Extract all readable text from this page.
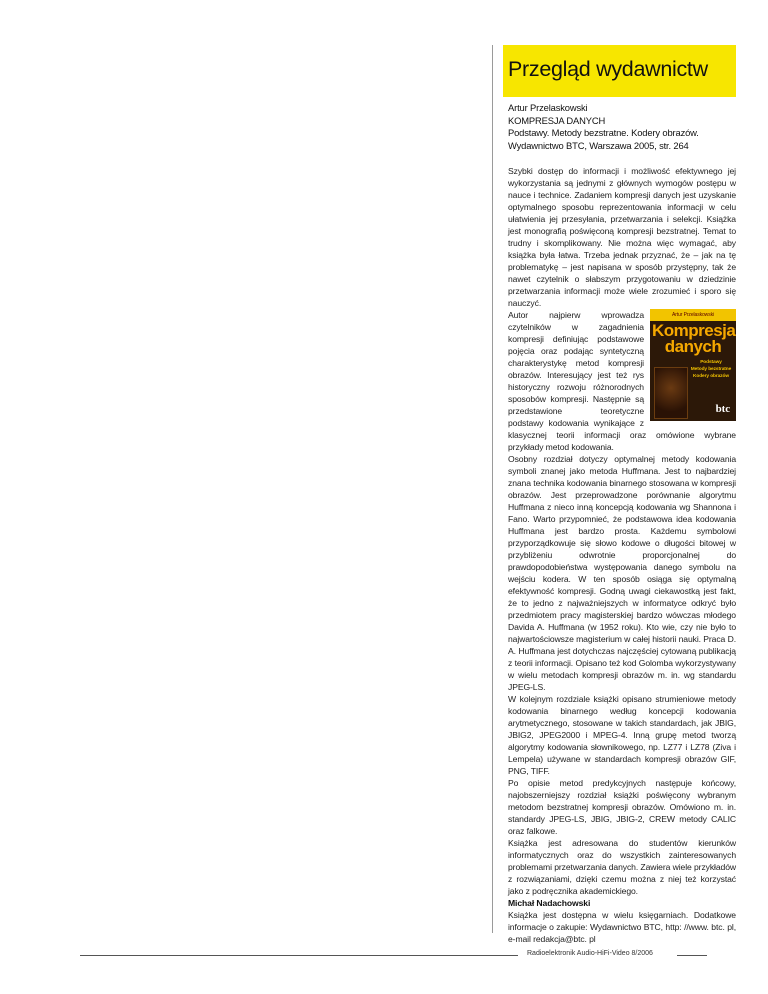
Przegląd wydawnictw
Artur Przelaskowski
KOMPRESJA DANYCH
Podstawy. Metody bezstratne. Kodery obrazów.
Wydawnictwo BTC, Warszawa 2005, str. 264

Szybki dostęp do informacji i możliwość efektywnego jej wykorzystania są jednymi z głównych wymogów postępu w nauce i technice. Zadaniem kompresji danych jest uzyskanie optymalnego sposobu reprezentowania informacji w celu ułatwienia jej przesyłania, przetwarzania i selekcji. Książka jest monografią poświęconą kompresji bezstratnej. Temat to trudny i skomplikowany. Nie można więc wymagać, aby książka była łatwa. Trzeba jednak przyznać, że – jak na tę problematykę – jest napisana w sposób przystępny, tak że nawet czytelnik o słabszym przygotowaniu w dziedzinie przetwarzania informacji może wiele zrozumieć i sporo się nauczyć.

Artur Przelaskowski
Kompresja
danych
Podstawy
Metody bezstratne
Kodery obrazów
btc

Autor najpierw wprowadza czytelników w zagadnienia kompresji definiując podstawowe pojęcia oraz podając syntetyczną charakterystykę metod kompresji obrazów. Interesujący jest też rys historyczny rozwoju różnorodnych sposobów kompresji. Następnie są przedstawione teoretyczne podstawy kodowania wynikające z klasycznej teorii informacji oraz omówione wybrane przykłady metod kodowania.

Osobny rozdział dotyczy optymalnej metody kodowania symboli znanej jako metoda Huffmana. Jest to najbardziej znana technika kodowania binarnego stosowana w kompresji obrazów. Jest przeprowadzone porównanie algorytmu Huffmana z nieco inną koncepcją kodowania wg Shannona i Fano. Warto przypomnieć, że podstawowa idea kodowania Huffmana jest bardzo prosta. Każdemu symbolowi przyporządkowuje się słowo kodowe o długości bitowej w przybliżeniu odwrotnie proporcjonalnej do prawdopodobieństwa występowania danego symbolu na wejściu kodera. W ten sposób osiąga się optymalną efektywność kompresji. Godną uwagi ciekawostką jest fakt, że to jedno z najważniejszych w informatyce odkryć było przedmiotem pracy magisterskiej bardzo wówczas młodego Davida A. Huffmana (w 1952 roku). Kto wie, czy nie było to najwartościowsze magisterium w całej historii nauki. Praca D. A. Huffmana jest dotychczas najczęściej cytowaną publikacją z teorii informacji. Opisano też kod Golomba wykorzystywany w wielu metodach kompresji obrazów m. in. wg standardu JPEG-LS.

W kolejnym rozdziale książki opisano strumieniowe metody kodowania binarnego według koncepcji kodowania arytmetycznego, stosowane w takich standardach, jak JBIG, JBIG2, JPEG2000 i MPEG-4. Inną grupę metod tworzą algorytmy kodowania słownikowego, np. LZ77 i LZ78 (Ziva i Lempela) używane w standardach kompresji obrazów GIF, PNG, TIFF.

Po opisie metod predykcyjnych następuje końcowy, najobszerniejszy rozdział książki poświęcony wybranym metodom bezstratnej kompresji obrazów. Omówiono m. in. standardy JPEG-LS, JBIG, JBIG-2, CREW metody CALIC oraz falkowe.

Książka jest adresowana do studentów kierunków informatycznych oraz do wszystkich zainteresowanych problemami przetwarzania danych. Zawiera wiele przykładów z rozwiązaniami, dzięki czemu można z niej też korzystać jako z podręcznika akademickiego.

Michał Nadachowski

Książka jest dostępna w wielu księgarniach. Dodatkowe informacje o zakupie: Wydawnictwo BTC, http: //www. btc. pl, e-mail redakcja@btc. pl

Radioelektronik Audio-HiFi-Video 8/2006
